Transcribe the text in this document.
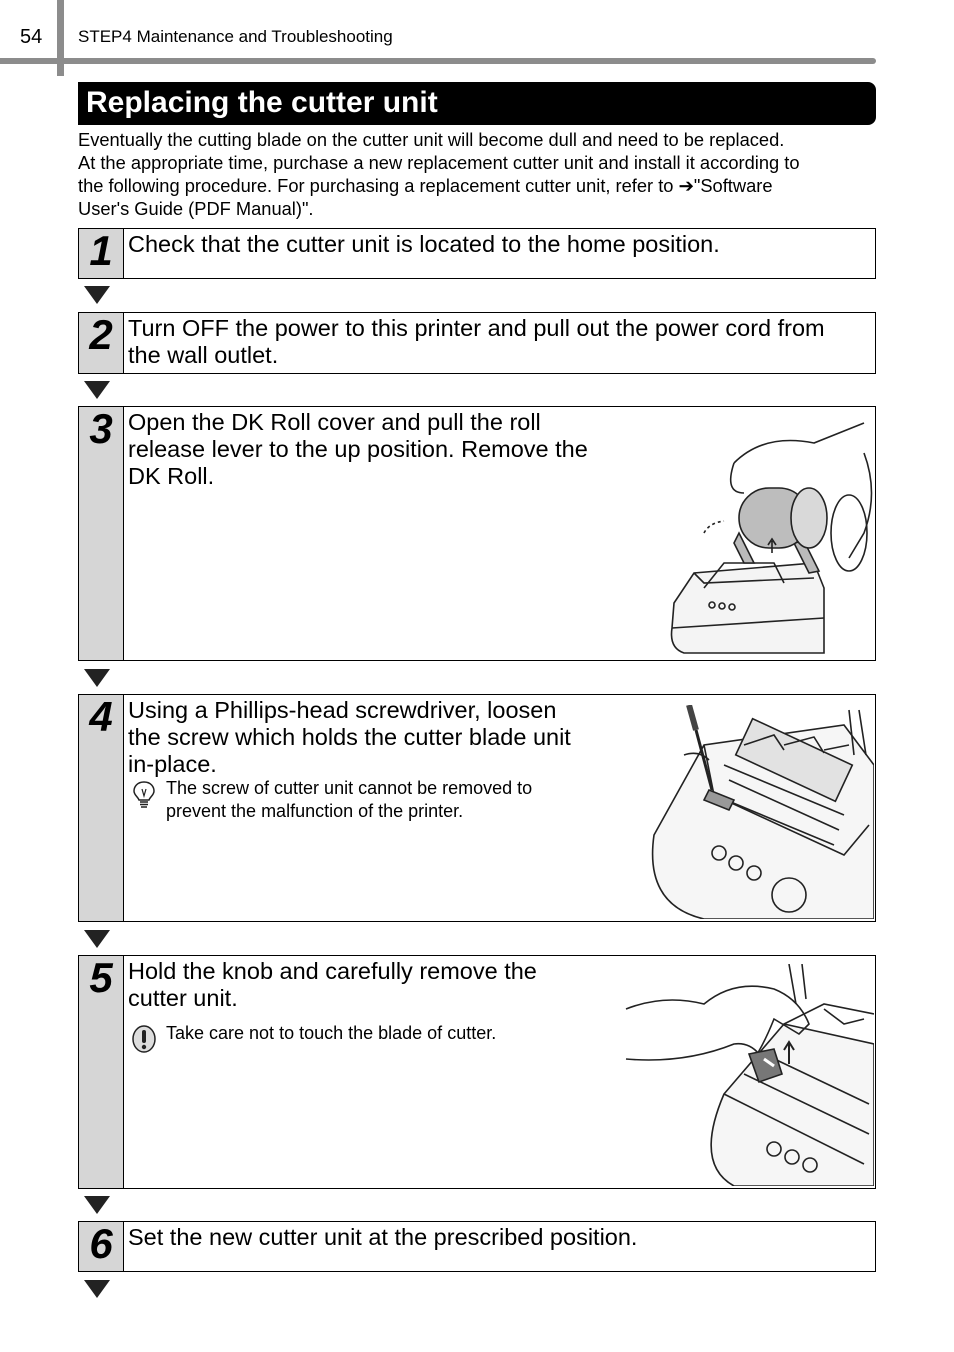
54 STEP4 Maintenance and Troubleshooting
Replacing the cutter unit
Eventually the cutting blade on the cutter unit will become dull and need to be replaced.
At the appropriate time, purchase a new replacement cutter unit and install it according to
the following procedure. For purchasing a replacement cutter unit, refer to ➔"Software
User's Guide (PDF Manual)".
1 Check that the cutter unit is located to the home position.
2 Turn OFF the power to this printer and pull out the power cord from
the wall outlet.
3 Open the DK Roll cover and pull the roll
release lever to the up position. Remove the
DK Roll.
4 Using a Phillips-head screwdriver, loosen
the screw which holds the cutter blade unit
in-place.
The screw of cutter unit cannot be removed to
prevent the malfunction of the printer.
5 Hold the knob and carefully remove the
cutter unit.
Take care not to touch the blade of cutter.
6 Set the new cutter unit at the prescribed position.
